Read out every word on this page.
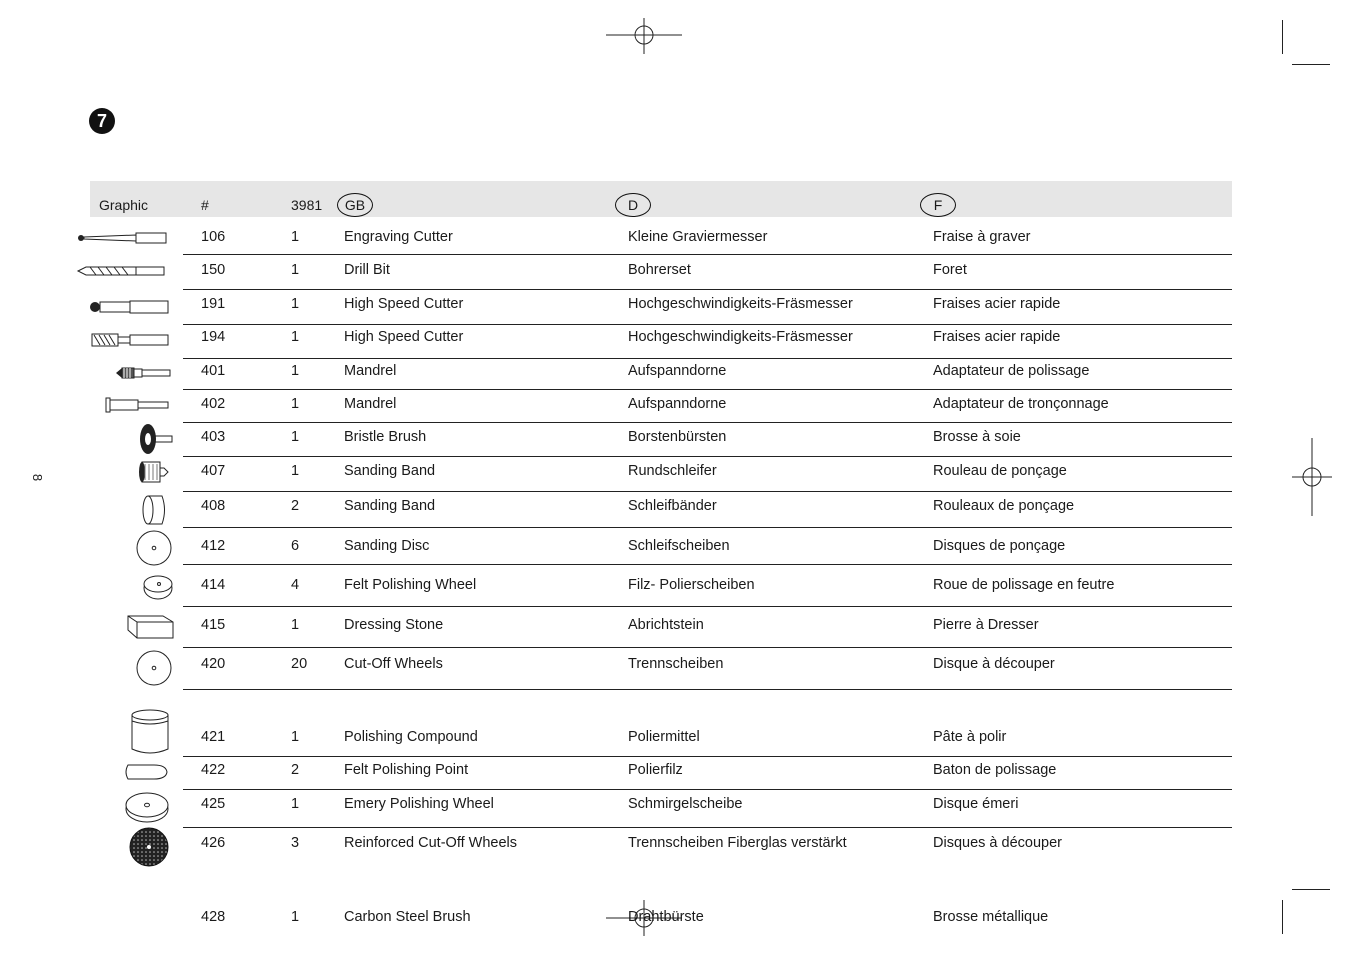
7
8
Graphic	#	3981	GB	D	F
106	1	Engraving Cutter	Kleine Graviermesser	Fraise à graver
150	1	Drill Bit	Bohrerset	Foret
191	1	High Speed Cutter	Hochgeschwindigkeits-Fräsmesser	Fraises acier rapide
194	1	High Speed Cutter	Hochgeschwindigkeits-Fräsmesser	Fraises acier rapide
401	1	Mandrel	Aufspanndorne	Adaptateur de polissage
402	1	Mandrel	Aufspanndorne	Adaptateur de tronçonnage
403	1	Bristle Brush	Borstenbürsten	Brosse à soie
407	1	Sanding Band	Rundschleifer	Rouleau de ponçage
408	2	Sanding Band	Schleifbänder	Rouleaux de ponçage
412	6	Sanding Disc	Schleifscheiben	Disques de ponçage
414	4	Felt Polishing Wheel	Filz- Polierscheiben	Roue de polissage en feutre
415	1	Dressing Stone	Abrichtstein	Pierre à Dresser
420	20	Cut-Off Wheels	Trennscheiben	Disque à découper
421	1	Polishing Compound	Poliermittel	Pâte à polir
422	2	Felt Polishing Point	Polierfilz	Baton de polissage
425	1	Emery Polishing Wheel	Schmirgelscheibe	Disque émeri
426	3	Reinforced Cut-Off Wheels	Trennscheiben Fiberglas verstärkt	Disques à découper
428	1	Carbon Steel Brush	Drahtbürste	Brosse métallique
